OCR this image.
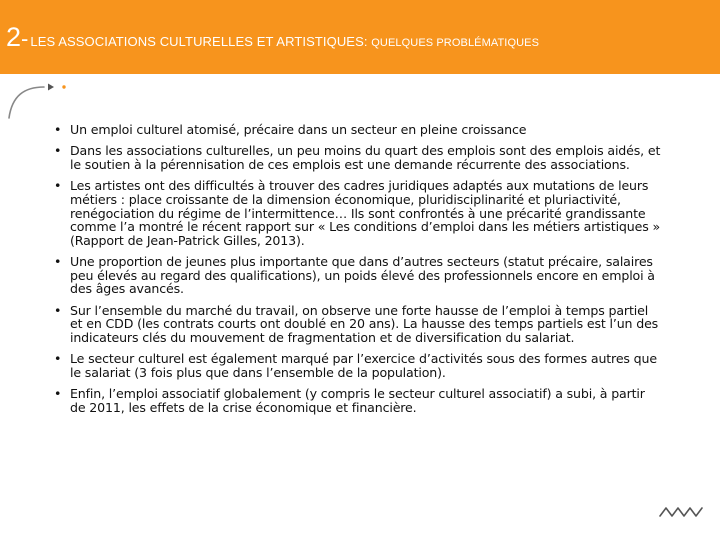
2- LES ASSOCIATIONS CULTURELLES ET ARTISTIQUES: QUELQUES PROBLÉMATIQUES
• Un emploi culturel atomisé, précaire dans un secteur en pleine croissance
• Dans les associations culturelles, un peu moins du quart des emplois sont des emplois aidés, et le soutien à la pérennisation de ces emplois est une demande récurrente des associations.
• Les artistes ont des difficultés à trouver des cadres juridiques adaptés aux mutations de leurs métiers : place croissante de la dimension économique, pluridisciplinarité et pluriactivité, renégociation du régime de l’intermittence… Ils sont confrontés à une précarité grandissante comme l’a montré le récent rapport sur « Les conditions d’emploi dans les métiers artistiques » (Rapport de Jean-Patrick Gilles, 2013).
• Une proportion de jeunes plus importante que dans d’autres secteurs (statut précaire, salaires peu élevés au regard des qualifications), un poids élevé des professionnels encore en emploi à des âges avancés.
• Sur l’ensemble du marché du travail, on observe une forte hausse de l’emploi à temps partiel et en CDD (les contrats courts ont doublé en 20 ans). La hausse des temps partiels est l’un des indicateurs clés du mouvement de fragmentation et de diversification du salariat.
• Le secteur culturel est également marqué par l’exercice d’activités sous des formes autres que le salariat (3 fois plus que dans l’ensemble de la population).
• Enfin, l’emploi associatif globalement (y compris le secteur culturel associatif) a subi, à partir de 2011, les effets de la crise économique et financière.
